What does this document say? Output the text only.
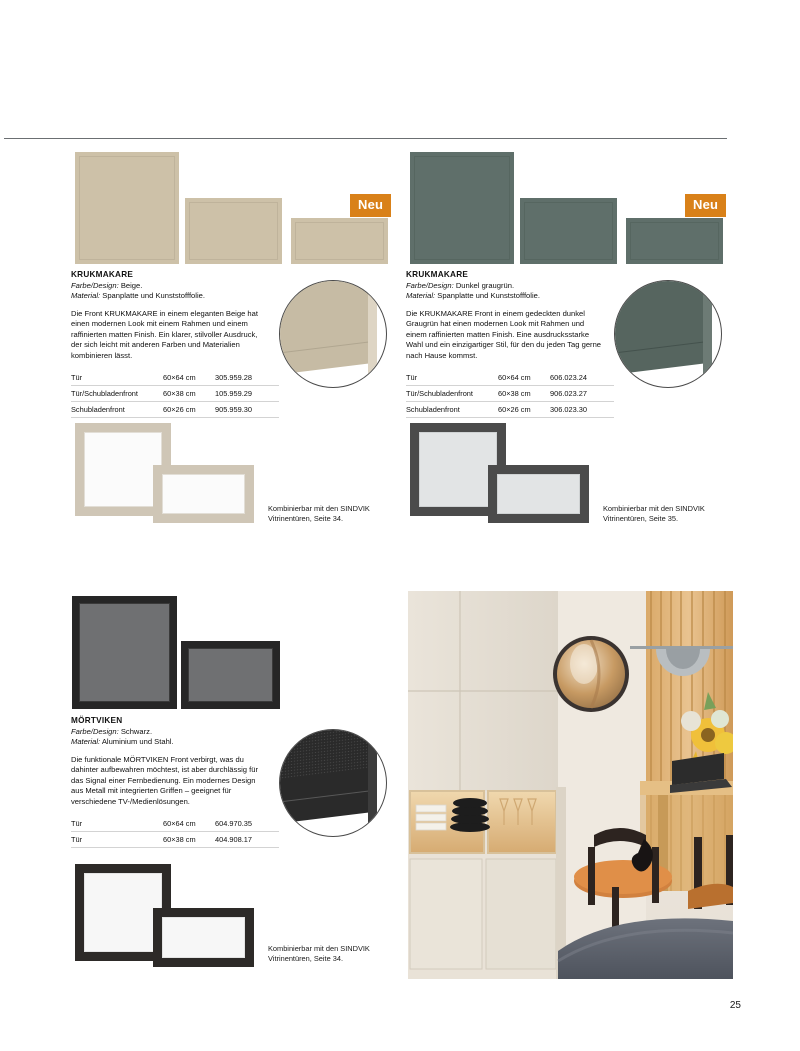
Neu
KRUKMAKARE
Farbe/Design: Beige.
Material: Spanplatte und Kunststofffolie.

Die Front KRUKMAKARE in einem eleganten Beige hat einen modernen Look mit einem Rahmen und einem raffinierten matten Finish. Ein klarer, stilvoller Ausdruck, der sich leicht mit anderen Farben und Materialien kombinieren lässt.

Tür	60×64 cm	305.959.28
Tür/Schubladenfront	60×38 cm	105.959.29
Schubladenfront	60×26 cm	905.959.30
Kombinierbar mit den SINDVIK Vitrinentüren, Seite 34.
Neu
KRUKMAKARE
Farbe/Design: Dunkel graugrün.
Material: Spanplatte und Kunststofffolie.

Die KRUKMAKARE Front in einem gedeckten dunkel Graugrün hat einen modernen Look mit Rahmen und einem raffinierten matten Finish. Eine ausdrucksstarke Wahl und ein einzigartiger Stil, für den du jeden Tag gerne nach Hause kommst.

Tür	60×64 cm	606.023.24
Tür/Schubladenfront	60×38 cm	906.023.27
Schubladenfront	60×26 cm	306.023.30
Kombinierbar mit den SINDVIK Vitrinentüren, Seite 35.
MÖRTVIKEN
Farbe/Design: Schwarz.
Material: Aluminium und Stahl.

Die funktionale MÖRTVIKEN Front verbirgt, was du dahinter aufbewahren möchtest, ist aber durchlässig für das Signal einer Fernbedienung. Ein modernes Design aus Metall mit integrierten Griffen – geeignet für verschiedene TV-/Medienlösungen.

Tür	60×64 cm	604.970.35
Tür	60×38 cm	404.908.17
Kombinierbar mit den SINDVIK Vitrinentüren, Seite 34.
25
